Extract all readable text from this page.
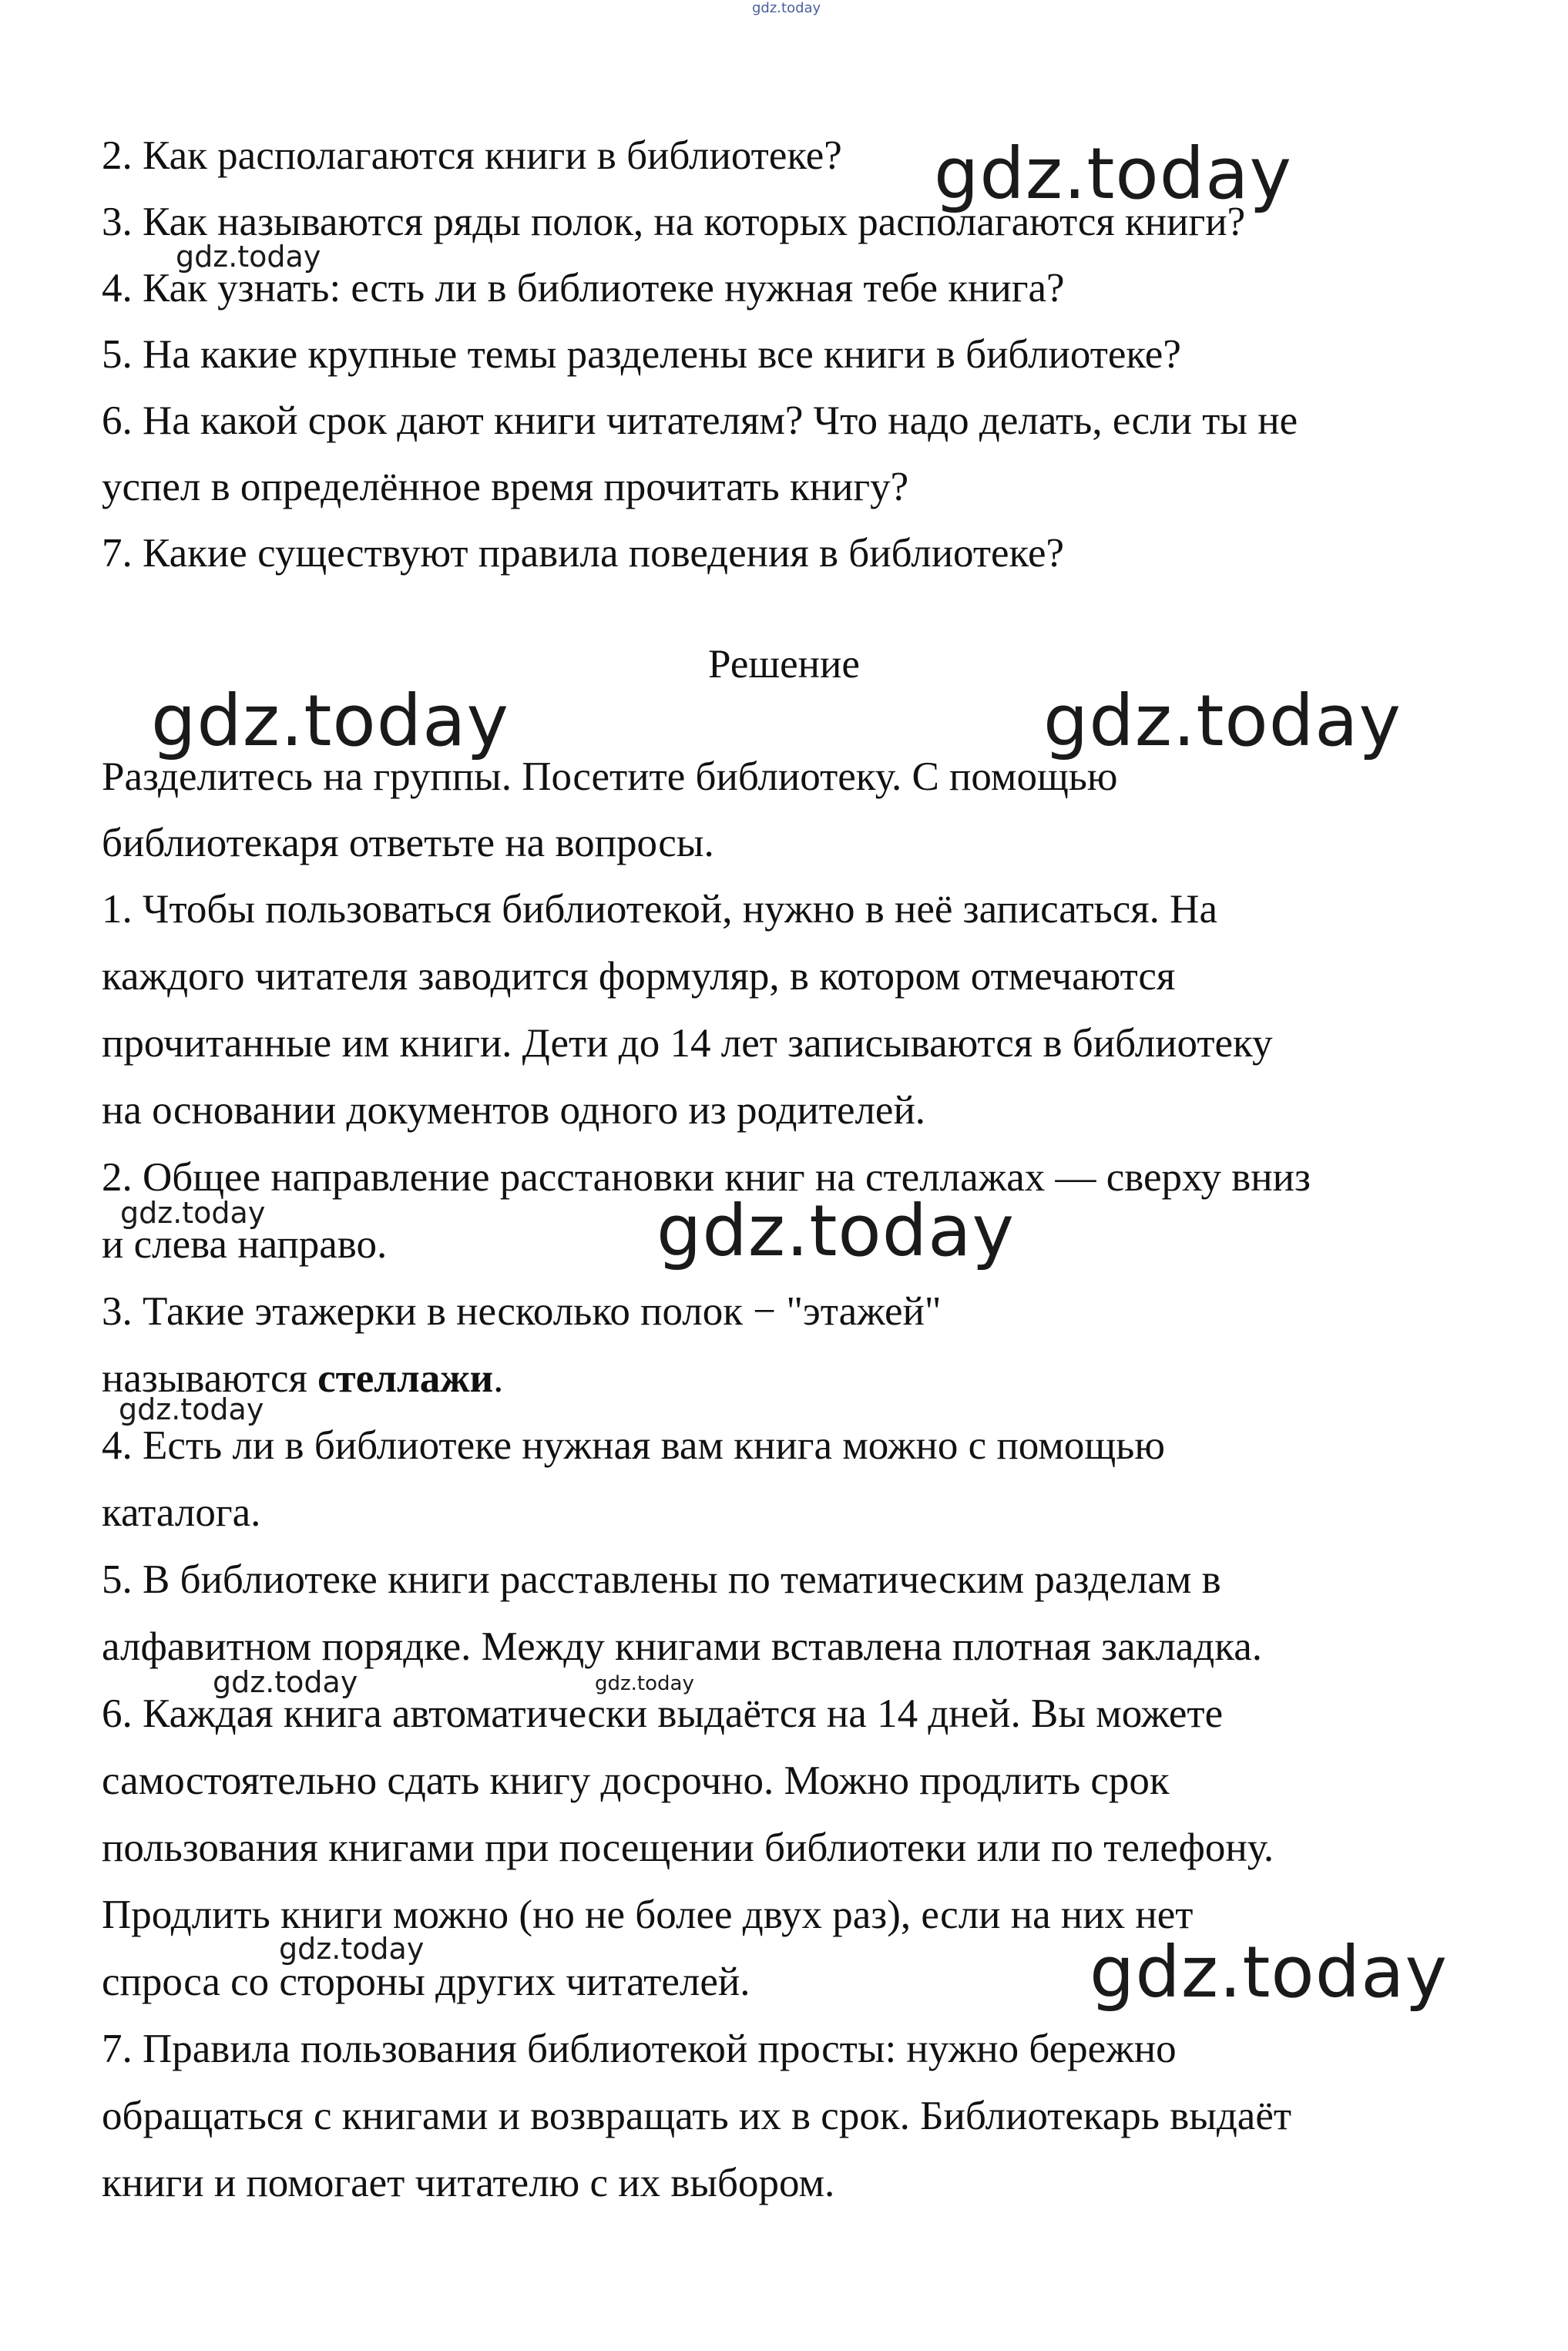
gdz.today
2. Как располагаются книги в библиотеке?
3. Как называются ряды полок, на которых располагаются книги?
4. Как узнать: есть ли в библиотеке нужная тебе книга?
5. На какие крупные темы разделены все книги в библиотеке?
6. На какой срок дают книги читателям? Что надо делать, если ты не
успел в определённое время прочитать книгу?
7. Какие существуют правила поведения в библиотеке?
Решение
Разделитесь на группы. Посетите библиотеку. С помощью
библиотекаря ответьте на вопросы.
1. Чтобы пользоваться библиотекой, нужно в неё записаться. На
каждого читателя заводится формуляр, в котором отмечаются
прочитанные им книги. Дети до 14 лет записываются в библиотеку
на основании документов одного из родителей.
2. Общее направление расстановки книг на стеллажах — сверху вниз
и слева направо.
3. Такие этажерки в несколько полок − "этажей"
называются стеллажи.
4. Есть ли в библиотеке нужная вам книга можно с помощью
каталога.
5. В библиотеке книги расставлены по тематическим разделам в
алфавитном порядке. Между книгами вставлена плотная закладка.
6. Каждая книга автоматически выдаётся на 14 дней. Вы можете
самостоятельно сдать книгу досрочно. Можно продлить срок
пользования книгами при посещении библиотеки или по телефону.
Продлить книги можно (но не более двух раз), если на них нет
спроса со стороны других читателей.
7. Правила пользования библиотекой просты: нужно бережно
обращаться с книгами и возвращать их в срок. Библиотекарь выдаёт
книги и помогает читателю с их выбором.
gdz.today
gdz.today
gdz.today	gdz.today
gdz.today	gdz.today
gdz.today
gdz.today	gdz.today
gdz.today	gdz.today
